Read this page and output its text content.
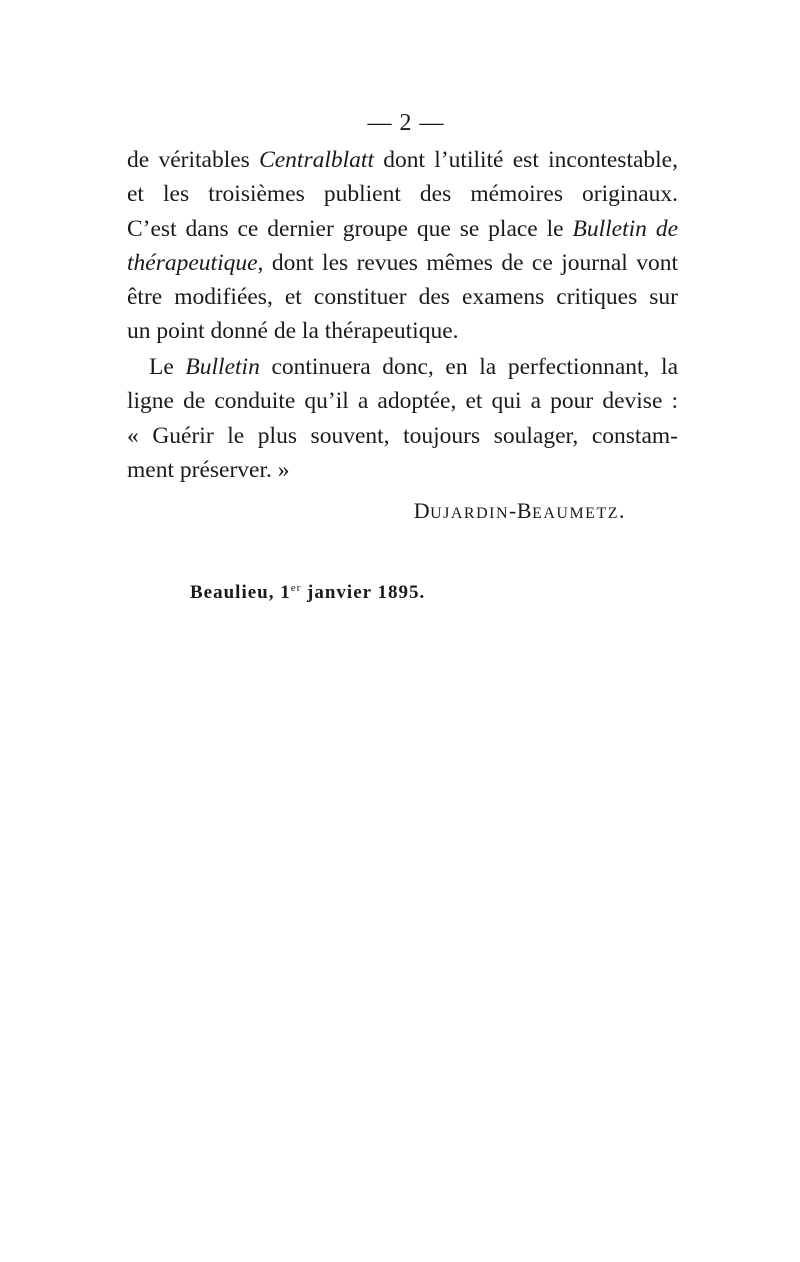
— 2 —
de véritables Centralblatt dont l’utilité est incontestable,
et les troisièmes publient des mémoires originaux.
C’est dans ce dernier groupe que se place le Bulletin de
thérapeutique, dont les revues mêmes de ce journal vont
être modifiées, et constituer des examens critiques sur
un point donné de la thérapeutique.
Le Bulletin continuera donc, en la perfectionnant, la
ligne de conduite qu’il a adoptée, et qui a pour devise :
« Guérir le plus souvent, toujours soulager, constam-
ment préserver. »
DUJARDIN-BEAUMETZ.
Beaulieu, 1er janvier 1895.
